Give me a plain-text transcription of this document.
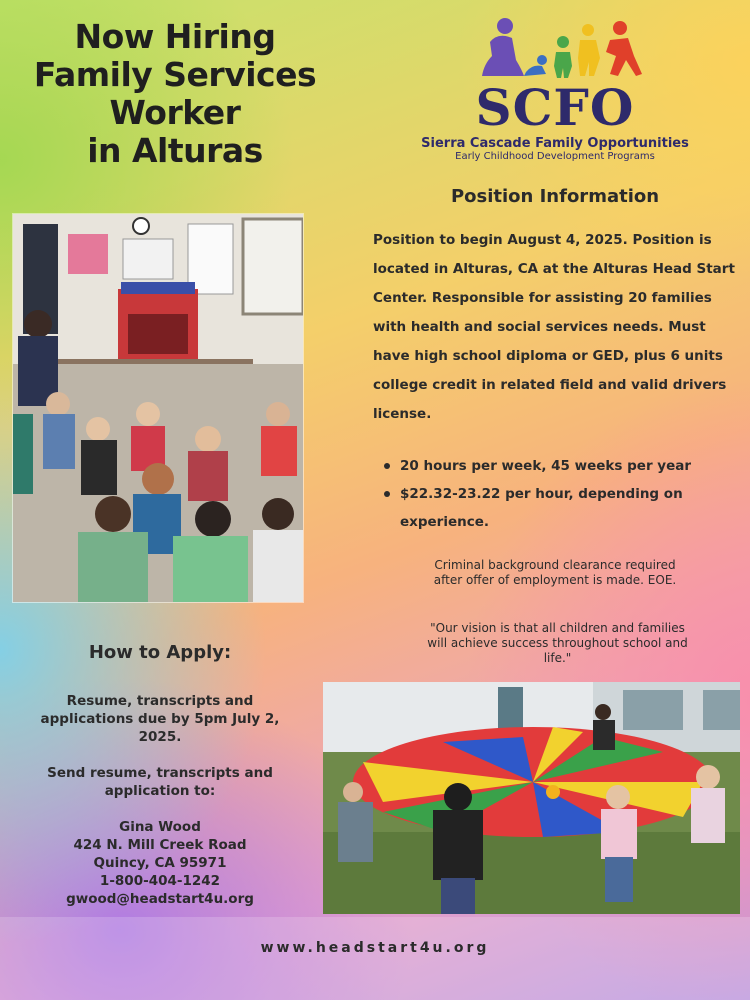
Now Hiring
Family Services
Worker
in Alturas
SCFO
Sierra Cascade Family Opportunities
Early Childhood Development Programs
Position Information
Position to begin August 4, 2025. Position is located in Alturas, CA at the Alturas Head Start Center. Responsible for assisting 20 families with health and social services needs. Must have high school diploma or GED, plus 6 units college credit in related field and valid drivers license.
20 hours per week, 45 weeks per year
$22.32-23.22 per hour, depending on experience.
Criminal background clearance required after offer of employment is made. EOE.
"Our vision is that all children and families will achieve success throughout school and life."
How to Apply:
Resume, transcripts and applications due by 5pm July 2, 2025.
Send resume, transcripts and application to:
Gina Wood
424 N. Mill Creek Road
Quincy, CA 95971
1-800-404-1242
gwood@headstart4u.org
www.headstart4u.org
